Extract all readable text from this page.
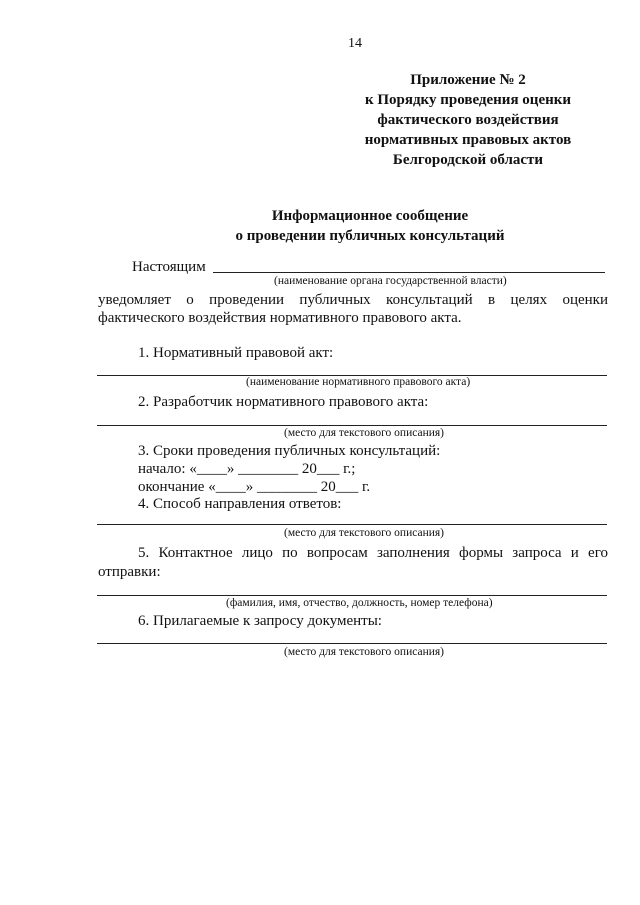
14
Приложение № 2
к Порядку проведения оценки
фактического воздействия
нормативных правовых актов
Белгородской области
Информационное сообщение
о проведении публичных консультаций
Настоящим
(наименование органа государственной власти)
уведомляет о проведении публичных консультаций в целях оценки
фактического воздействия нормативного правового акта.
1. Нормативный правовой акт:
(наименование нормативного правового акта)
2. Разработчик нормативного правового акта:
(место для текстового описания)
3. Сроки проведения публичных консультаций:
начало: «____» ________ 20___ г.;
окончание «____» ________ 20___ г.
4. Способ направления ответов:
(место для текстового описания)
5. Контактное лицо по вопросам заполнения формы запроса и его
отправки:
(фамилия, имя, отчество, должность, номер телефона)
6. Прилагаемые к запросу документы:
(место для текстового описания)
